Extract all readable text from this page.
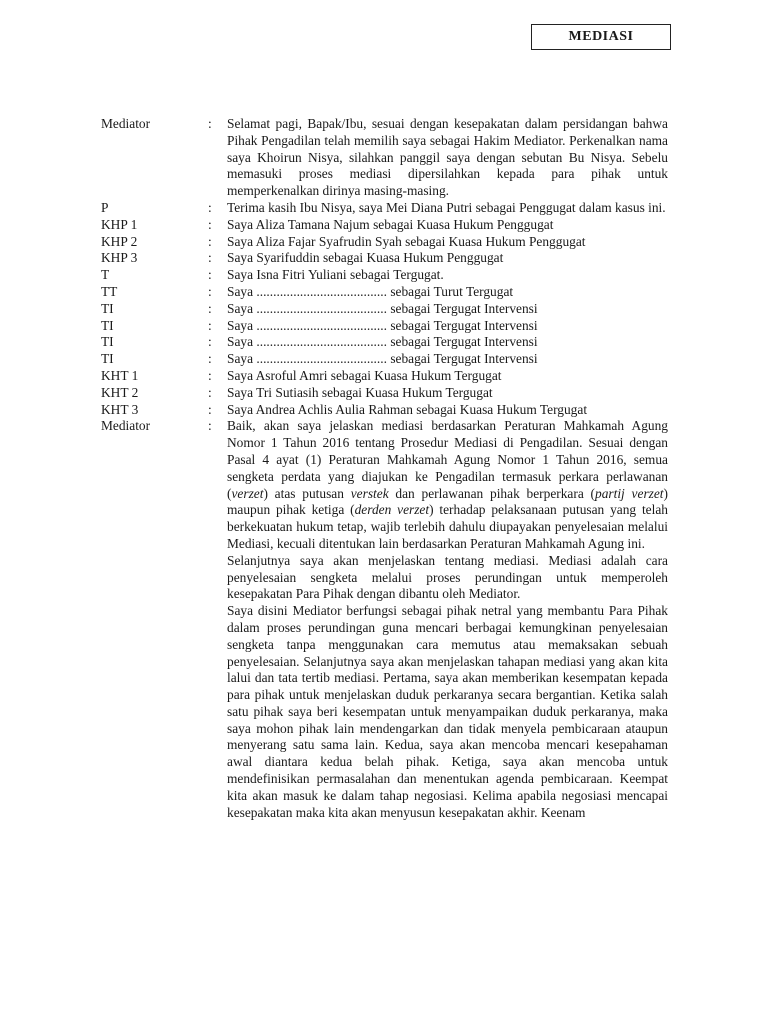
MEDIASI
Mediator	:	Selamat pagi, Bapak/Ibu, sesuai dengan kesepakatan dalam persidangan bahwa Pihak Pengadilan telah memilih saya sebagai Hakim Mediator. Perkenalkan nama saya Khoirun Nisya, silahkan panggil saya dengan sebutan Bu Nisya. Sebelu memasuki proses mediasi dipersilahkan kepada para pihak untuk memperkenalkan dirinya masing-masing.

P	:	Terima kasih Ibu Nisya, saya Mei Diana Putri sebagai Penggugat dalam kasus ini.

KHP 1	:	Saya Aliza Tamana Najum sebagai Kuasa Hukum Penggugat

KHP 2	:	Saya Aliza Fajar Syafrudin Syah sebagai Kuasa Hukum Penggugat

KHP 3	:	Saya Syarifuddin sebagai Kuasa Hukum Penggugat

T	:	Saya Isna Fitri Yuliani sebagai Tergugat.

TT	:	Saya ....................................... sebagai Turut Tergugat
TI	:	Saya ....................................... sebagai Tergugat Intervensi
TI	:	Saya ....................................... sebagai Tergugat Intervensi
TI	:	Saya ....................................... sebagai Tergugat Intervensi
TI	:	Saya ....................................... sebagai Tergugat Intervensi
KHT 1	:	Saya Asroful Amri sebagai Kuasa Hukum Tergugat
KHT 2	:	Saya Tri Sutiasih sebagai Kuasa Hukum Tergugat
KHT 3	:	Saya Andrea Achlis Aulia Rahman sebagai Kuasa Hukum Tergugat
Mediator	:	Baik, akan saya jelaskan mediasi berdasarkan Peraturan Mahkamah Agung Nomor 1 Tahun 2016 tentang Prosedur Mediasi di Pengadilan. Sesuai dengan Pasal 4 ayat (1) Peraturan Mahkamah Agung Nomor 1 Tahun 2016, semua sengketa perdata yang diajukan ke Pengadilan termasuk perkara perlawanan (verzet) atas putusan verstek dan perlawanan pihak berperkara (partij verzet) maupun pihak ketiga (derden verzet) terhadap pelaksanaan putusan yang telah berkekuatan hukum tetap, wajib terlebih dahulu diupayakan penyelesaian melalui Mediasi, kecuali ditentukan lain berdasarkan Peraturan Mahkamah Agung ini.

Selanjutnya saya akan menjelaskan tentang mediasi. Mediasi adalah cara penyelesaian sengketa melalui proses perundingan untuk memperoleh kesepakatan Para Pihak dengan dibantu oleh Mediator.

Saya disini Mediator berfungsi sebagai pihak netral yang membantu Para Pihak dalam proses perundingan guna mencari berbagai kemungkinan penyelesaian sengketa tanpa menggunakan cara memutus atau memaksakan sebuah penyelesaian. Selanjutnya saya akan menjelaskan tahapan mediasi yang akan kita lalui dan tata tertib mediasi. Pertama, saya akan memberikan kesempatan kepada para pihak untuk menjelaskan duduk perkaranya secara bergantian. Ketika salah satu pihak saya beri kesempatan untuk menyampaikan duduk perkaranya, maka saya mohon pihak lain mendengarkan dan tidak menyela pembicaraan ataupun menyerang satu sama lain. Kedua, saya akan mencoba mencari kesepahaman awal diantara kedua belah pihak. Ketiga, saya akan mencoba untuk mendefinisikan permasalahan dan menentukan agenda pembicaraan. Keempat kita akan masuk ke dalam tahap negosiasi. Kelima apabila negosiasi mencapai kesepakatan maka kita akan menyusun kesepakatan akhir. Keenam
